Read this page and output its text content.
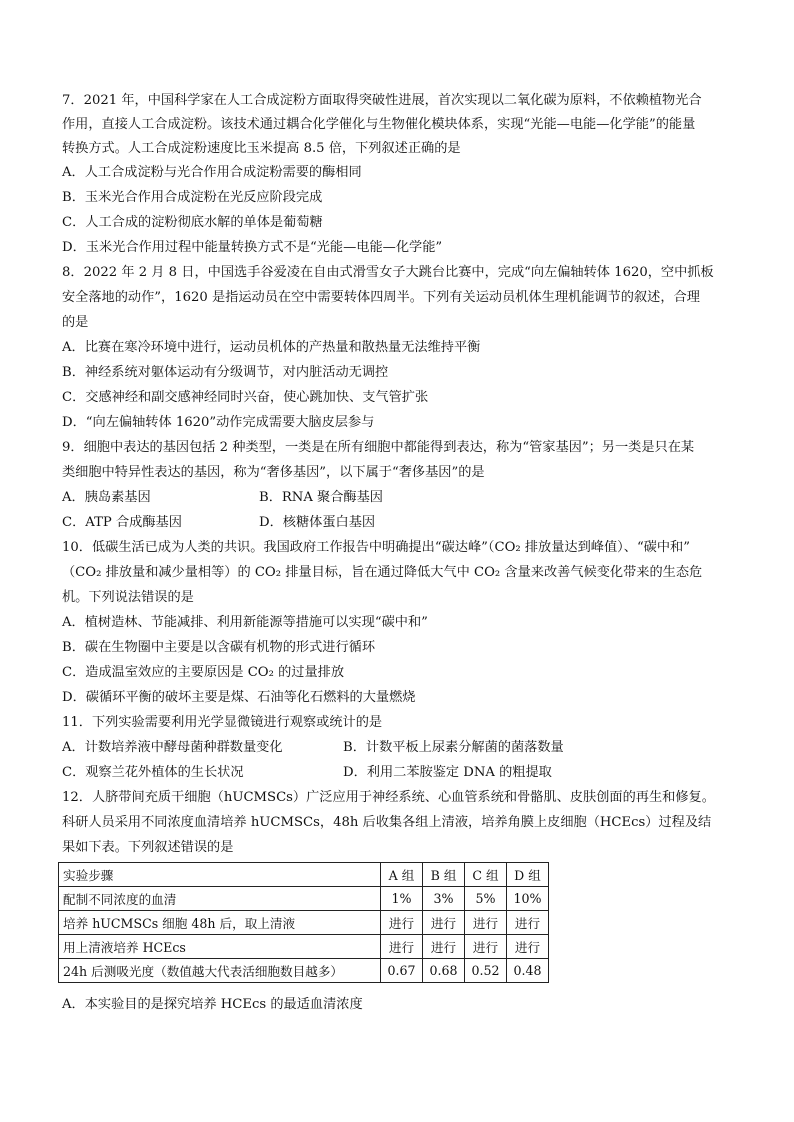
7．2021 年，中国科学家在人工合成淀粉方面取得突破性进展，首次实现以二氧化碳为原料，不依赖植物光合
作用，直接人工合成淀粉。该技术通过耦合化学催化与生物催化模块体系，实现“光能—电能—化学能”的能量
转换方式。人工合成淀粉速度比玉米提高 8.5 倍，下列叙述正确的是
A．人工合成淀粉与光合作用合成淀粉需要的酶相同
B．玉米光合作用合成淀粉在光反应阶段完成
C．人工合成的淀粉彻底水解的单体是葡萄糖
D．玉米光合作用过程中能量转换方式不是“光能—电能—化学能”
8．2022 年 2 月 8 日，中国选手谷爱凌在自由式滑雪女子大跳台比赛中，完成“向左偏轴转体 1620，空中抓板
安全落地的动作”，1620 是指运动员在空中需要转体四周半。下列有关运动员机体生理机能调节的叙述，合理
的是
A．比赛在寒冷环境中进行，运动员机体的产热量和散热量无法维持平衡
B．神经系统对躯体运动有分级调节，对内脏活动无调控
C．交感神经和副交感神经同时兴奋，使心跳加快、支气管扩张
D．“向左偏轴转体 1620”动作完成需要大脑皮层参与
9．细胞中表达的基因包括 2 种类型，一类是在所有细胞中都能得到表达，称为“管家基因”；另一类是只在某
类细胞中特异性表达的基因，称为“奢侈基因”，以下属于“奢侈基因”的是
A．胰岛素基因	B．RNA 聚合酶基因
C．ATP 合成酶基因	D．核糖体蛋白基因
10．低碳生活已成为人类的共识。我国政府工作报告中明确提出“碳达峰”（CO₂ 排放量达到峰值）、“碳中和”
（CO₂ 排放量和减少量相等）的 CO₂ 排量目标，旨在通过降低大气中 CO₂ 含量来改善气候变化带来的生态危
机。下列说法错误的是
A．植树造林、节能减排、利用新能源等措施可以实现“碳中和”
B．碳在生物圈中主要是以含碳有机物的形式进行循环
C．造成温室效应的主要原因是 CO₂ 的过量排放
D．碳循环平衡的破坏主要是煤、石油等化石燃料的大量燃烧
11．下列实验需要利用光学显微镜进行观察或统计的是
A．计数培养液中酵母菌种群数量变化	B．计数平板上尿素分解菌的菌落数量
C．观察兰花外植体的生长状况	D．利用二苯胺鉴定 DNA 的粗提取
12．人脐带间充质干细胞（hUCMSCs）广泛应用于神经系统、心血管系统和骨骼肌、皮肤创面的再生和修复。
科研人员采用不同浓度血清培养 hUCMSCs，48h 后收集各组上清液，培养角膜上皮细胞（HCEcs）过程及结
果如下表。下列叙述错误的是
实验步骤	A 组	B 组	C 组	D 组
配制不同浓度的血清	1%	3%	5%	10%
培养 hUCMSCs 细胞 48h 后，取上清液	进行	进行	进行	进行
用上清液培养 HCEcs	进行	进行	进行	进行
24h 后测吸光度（数值越大代表活细胞数目越多）	0.67	0.68	0.52	0.48
A．本实验目的是探究培养 HCEcs 的最适血清浓度
